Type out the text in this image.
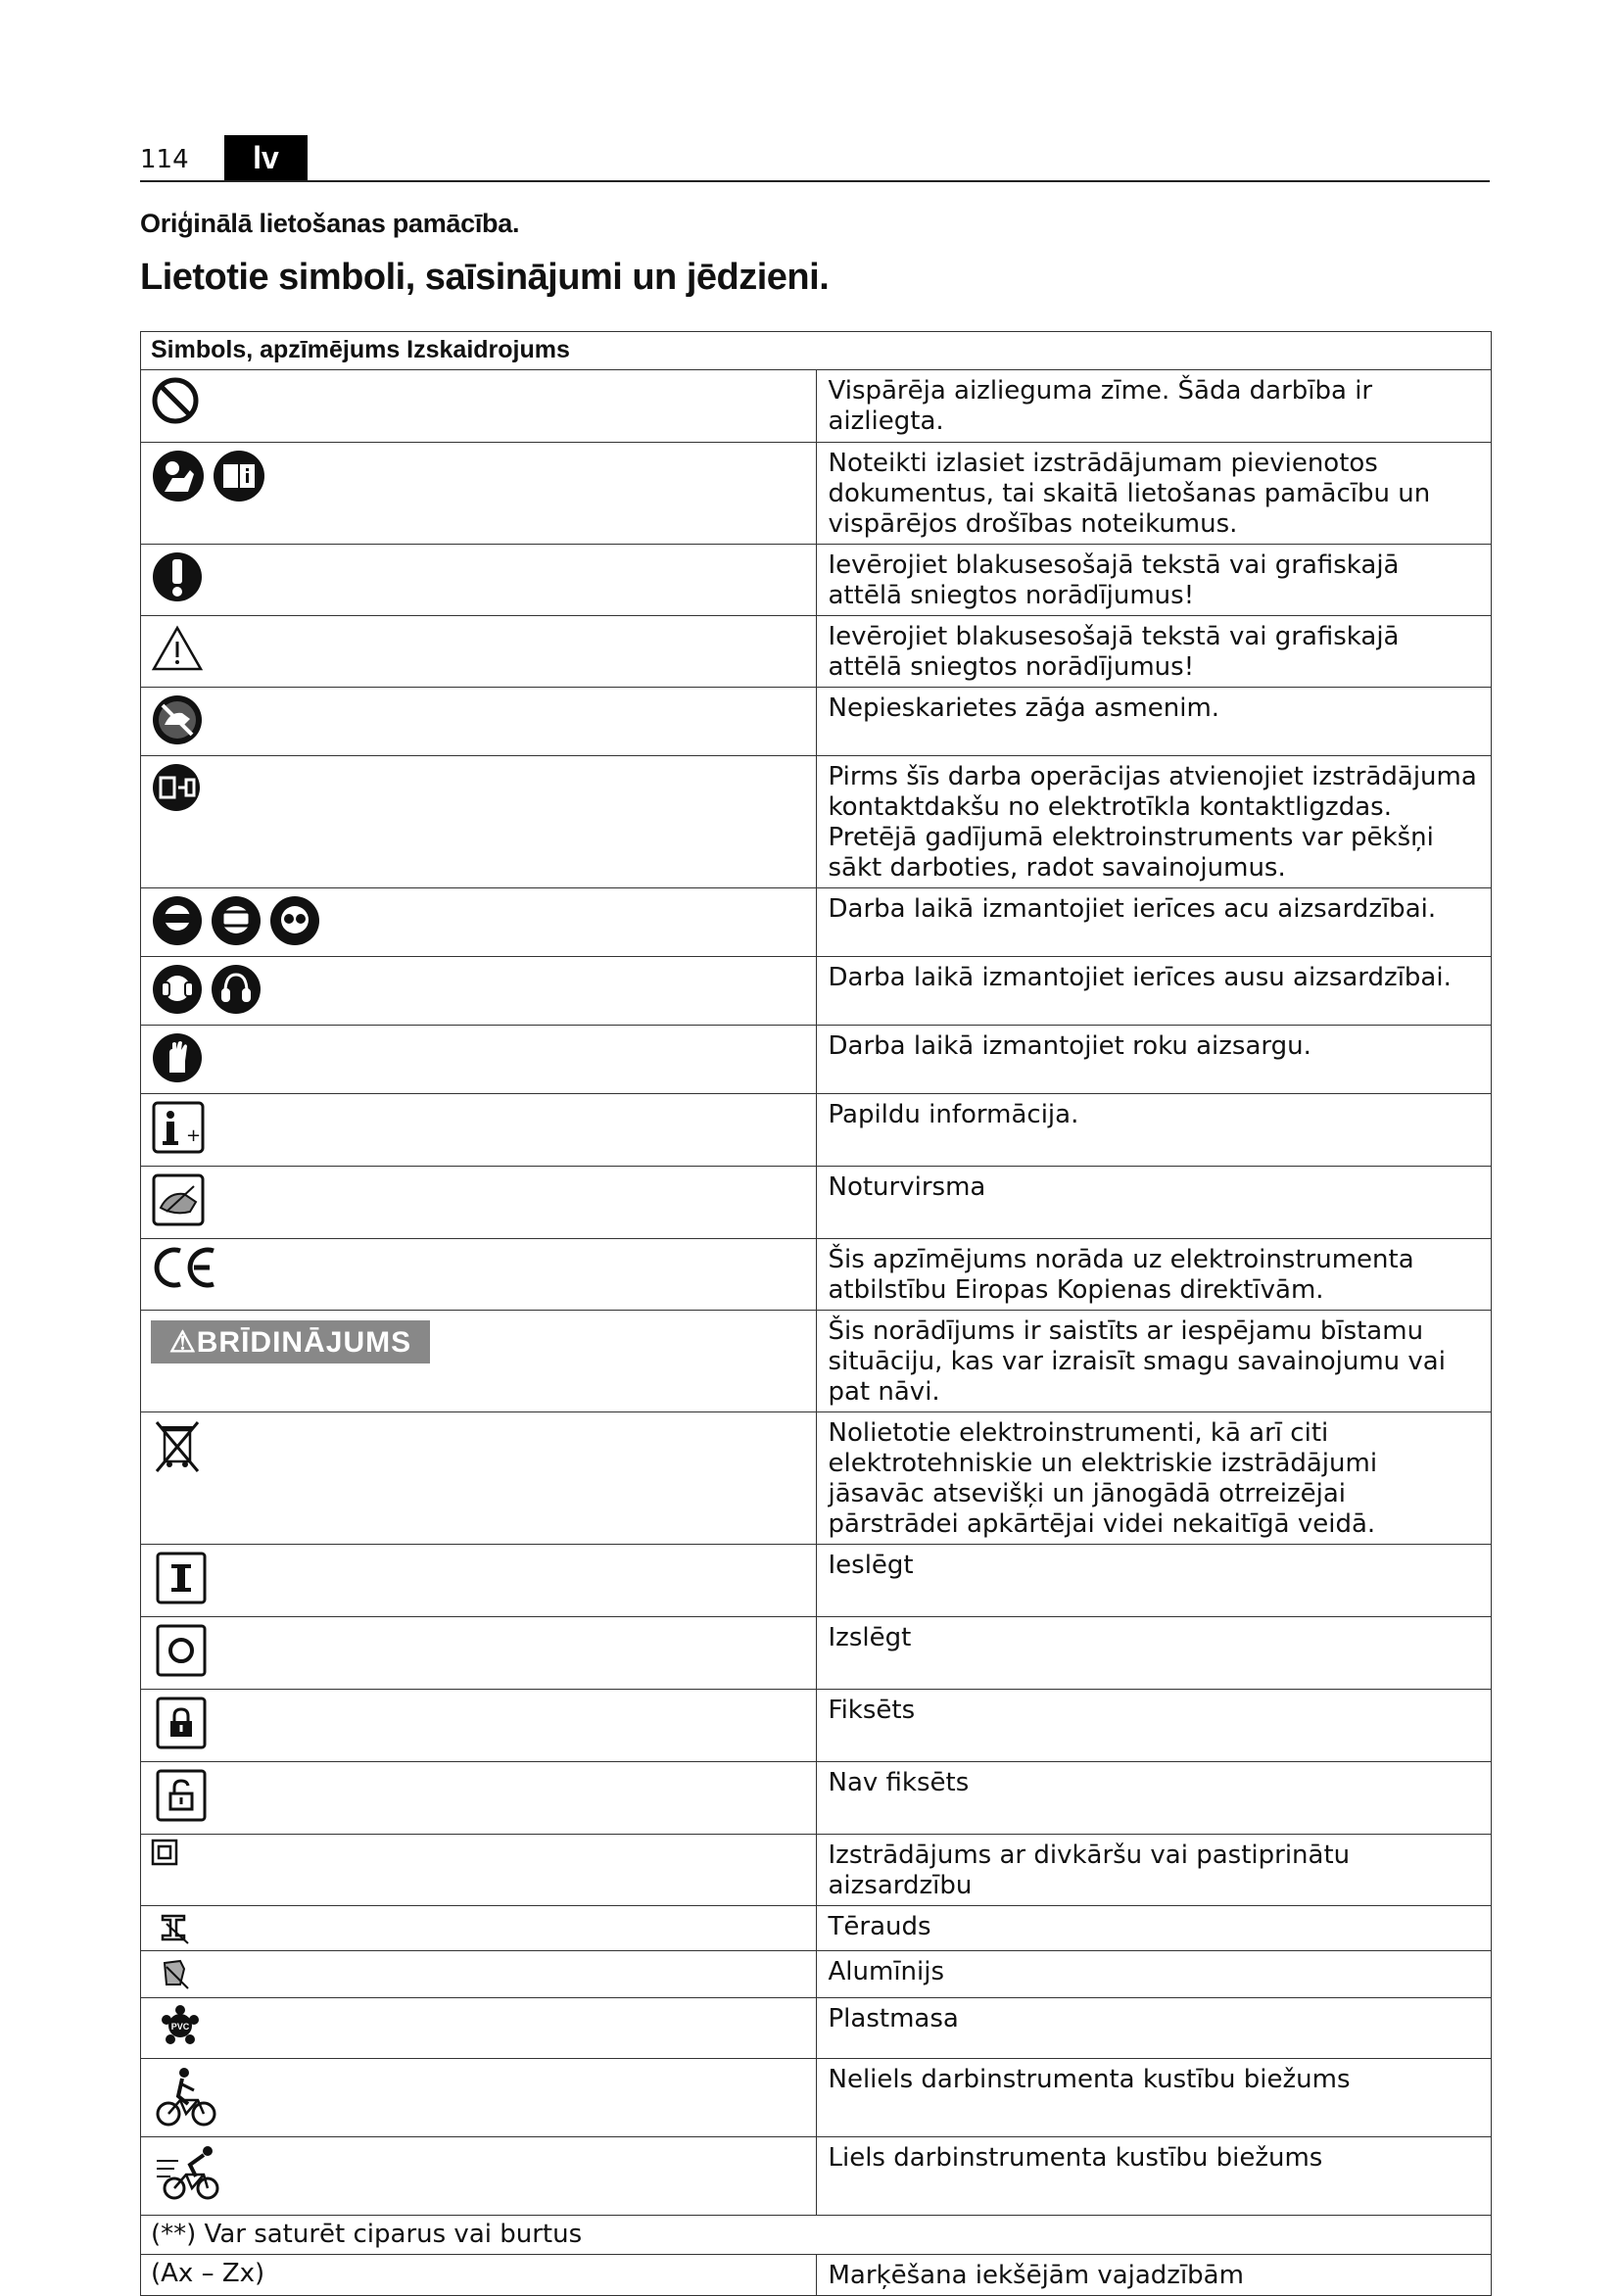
114	lv
Oriģinālā lietošanas pamācība.
Lietotie simboli, saīsinājumi un jēdzieni.
Simbols, apzīmējums Izskaidrojums	

	Vispārēja aizlieguma zīme. Šāda darbība ir aizliegta.

	Noteikti izlasiet izstrādājumam pievienotos dokumentus, tai skaitā lietošanas pamācību un vispārējos drošības noteikumus.

	Ievērojiet blakusesošajā tekstā vai grafiskajā attēlā sniegtos norādījumus!

	Ievērojiet blakusesošajā tekstā vai grafiskajā attēlā sniegtos norādījumus!

	Nepieskarietes zāģa asmenim.

	Pirms šīs darba operācijas atvienojiet izstrādājuma kontaktdakšu no elektrotīkla kontaktligzdas. Pretējā gadījumā elektroinstruments var pēkšņi sākt darboties, radot savainojumus.

	Darba laikā izmantojiet ierīces acu aizsardzībai.

	Darba laikā izmantojiet ierīces ausu aizsardzībai.

	Darba laikā izmantojiet roku aizsargu.

+	Papildu informācija.

	Noturvirsma

	Šis apzīmējums norāda uz elektroinstrumenta atbilstību Eiropas Kopienas direktīvām.

⚠BRĪDINĀJUMS	Šis norādījums ir saistīts ar iespējamu bīstamu situāciju, kas var izraisīt smagu savainojumu vai pat nāvi.

	Nolietotie elektroinstrumenti, kā arī citi elektrotehniskie un elektriskie izstrādājumi jāsavāc atsevišķi un jānogādā otrreizējai pārstrādei apkārtējai videi nekaitīgā veidā.

	Ieslēgt

	Izslēgt

	Fiksēts

	Nav fiksēts

	Izstrādājums ar divkāršu vai pastiprinātu aizsardzību

	Tērauds

	Alumīnijs

PVC	Plastmasa

	Neliels darbinstrumenta kustību biežums

	Liels darbinstrumenta kustību biežums
(**) Var saturēt ciparus vai burtus	
(Ax – Zx)	Marķēšana iekšējām vajadzībām
